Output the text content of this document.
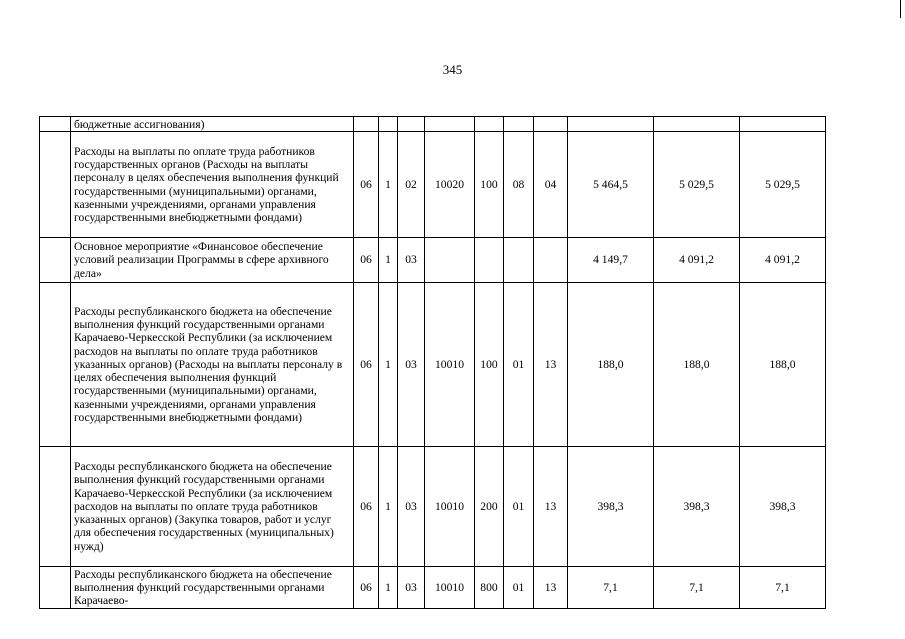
345
	бюджетные ассигнования)										
	Расходы на выплаты по оплате труда работников государственных органов (Расходы на выплаты персоналу в целях обеспечения выполнения функций государственными (муниципальными) органами, казенными учреждениями, органами управления государственными внебюджетными фондами)	06	1	02	10020	100	08	04	5 464,5	5 029,5	5 029,5
	Основное мероприятие «Финансовое обеспечение условий реализации Программы в сфере архивного дела»	06	1	03					4 149,7	4 091,2	4 091,2
	Расходы республиканского бюджета на обеспечение выполнения функций государственными органами Карачаево-Черкесской Республики (за исключением расходов на выплаты по оплате труда работников указанных органов) (Расходы на выплаты персоналу в целях обеспечения выполнения функций государственными (муниципальными) органами, казенными учреждениями, органами управления государственными внебюджетными фондами)	06	1	03	10010	100	01	13	188,0	188,0	188,0
	Расходы республиканского бюджета на обеспечение выполнения функций государственными органами Карачаево-Черкесской Республики (за исключением расходов на выплаты по оплате труда работников указанных органов) (Закупка товаров, работ и услуг для обеспечения государственных (муниципальных) нужд)	06	1	03	10010	200	01	13	398,3	398,3	398,3
	Расходы республиканского бюджета на обеспечение выполнения функций государственными органами Карачаево-	06	1	03	10010	800	01	13	7,1	7,1	7,1
